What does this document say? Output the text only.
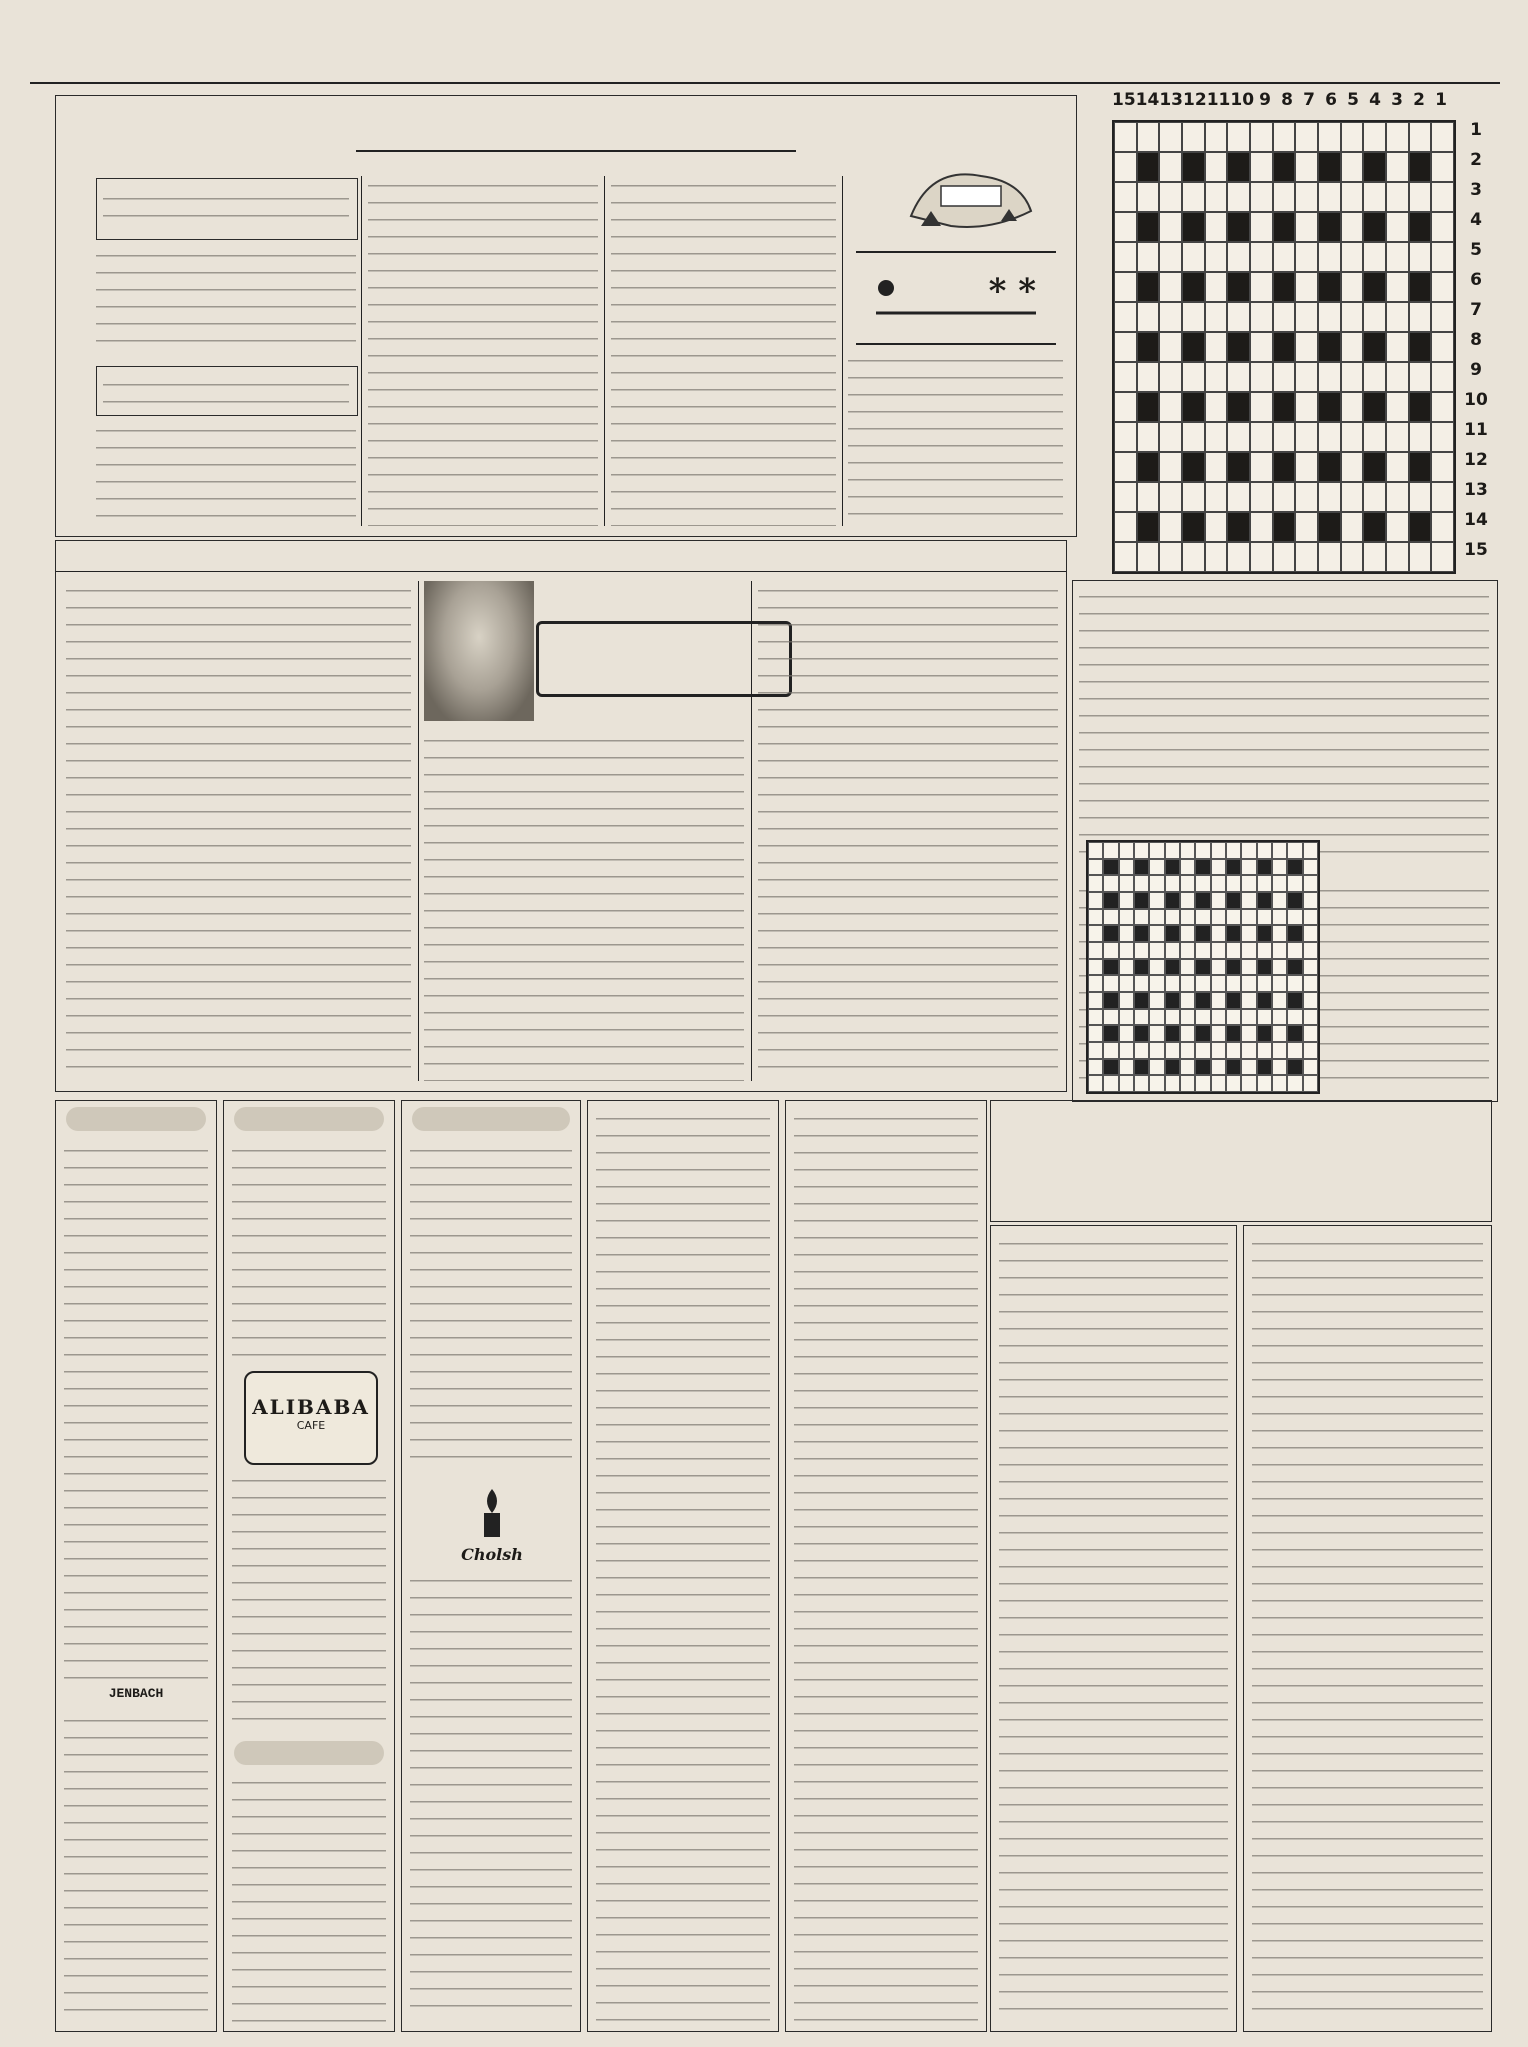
15 14 13 12 11 10 9 8 7 6 5 4 3 2 1
1
2
3
4
5
6
7
8
9
10
11
12
13
14
15
⁎ ⁎
JENBACH
ALIBABA
CAFE
Cholsh
